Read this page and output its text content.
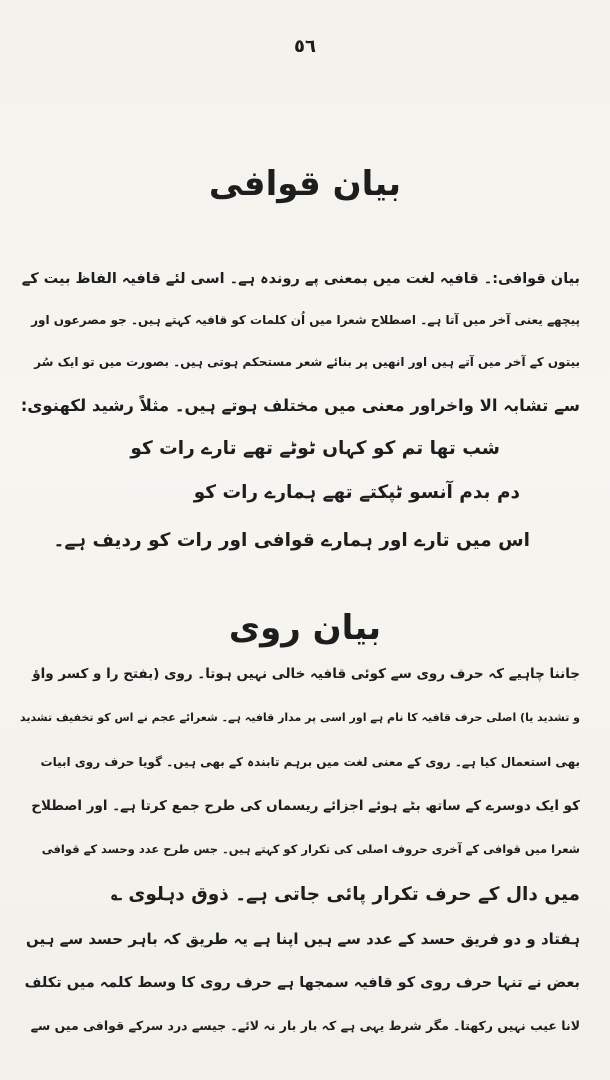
٥٦
بیان قوافی
بیان قوافی:۔ قافیہ لغت میں بمعنی پے روندہ ہے۔ اسی لئے قافیہ الفاظ بیت کے
پیچھے یعنی آخر میں آتا ہے۔ اصطلاح شعرا میں اُن کلمات کو قافیہ کہتے ہیں۔ جو مصرعوں اور
بیتوں کے آخر میں آتے ہیں اور انھیں پر بنائے شعر مستحکم ہوتی ہیں۔ بصورت میں تو ایک سُر
سے تشابہ الا واخراور معنی میں مختلف ہوتے ہیں۔ مثلاً رشید لکھنوی:
شب تھا تم کو کہاں ٹوٹے تھے تارے رات کو
دم بدم آنسو ٹپکتے تھے ہمارے رات کو
اس میں تارے اور ہمارے قوافی اور رات کو ردیف ہے۔
بیان روی
جاننا چاہیے کہ حرف روی سے کوئی قافیہ خالی نہیں ہوتا۔ روی (بفتح را و کسر واؤ
و تشدید یا) اصلی حرف قافیہ کا نام ہے اور اسی پر مدار قافیہ ہے۔ شعرائے عجم نے اس کو تخفیف تشدید
بھی استعمال کیا ہے۔ روی کے معنی لغت میں برہم تابندہ کے بھی ہیں۔ گویا حرف روی ابیات
کو ایک دوسرے کے ساتھ بٹے ہوئے اجزائے ریسماں کی طرح جمع کرتا ہے۔ اور اصطلاح
شعرا میں قوافی کے آخری حروف اصلی کی تکرار کو کہتے ہیں۔ جس طرح عدد وحسد کے قوافی
میں دال کے حرف تکرار پائی جاتی ہے۔ ذوق دہلوی ؎
ہفتاد و دو فریق حسد کے عدد سے ہیں اپنا ہے یہ طریق کہ باہر حسد سے ہیں
بعض نے تنہا حرف روی کو قافیہ سمجھا ہے حرف روی کا وسط کلمہ میں تکلف
لانا عیب نہیں رکھتا۔ مگر شرط یہی ہے کہ بار بار نہ لائے۔ جیسے درد سرکے قوافی میں سے
